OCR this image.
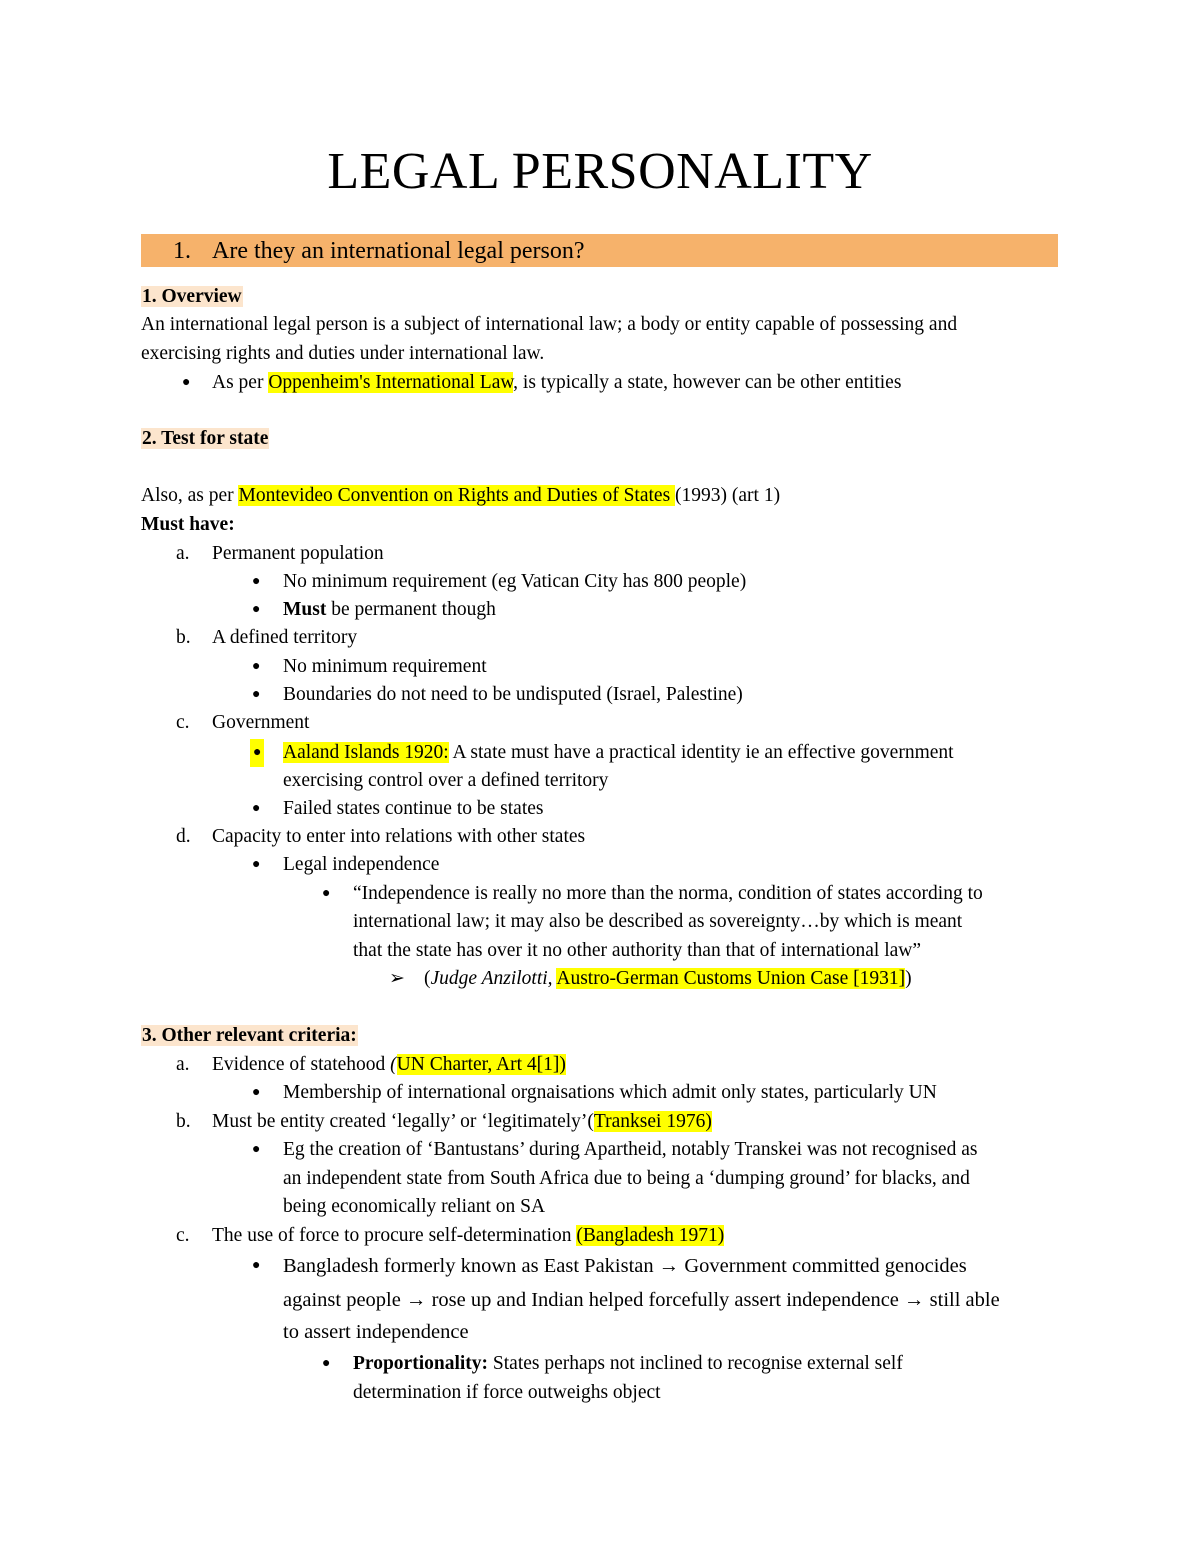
LEGAL PERSONALITY
1. Are they an international legal person?
1. Overview
An international legal person is a subject of international law; a body or entity capable of possessing and
exercising rights and duties under international law.
● As per Oppenheim's International Law, is typically a state, however can be other entities
2. Test for state
Also, as per Montevideo Convention on Rights and Duties of States (1993) (art 1)
Must have:
a. Permanent population
● No minimum requirement (eg Vatican City has 800 people)
● Must be permanent though
b. A defined territory
● No minimum requirement
● Boundaries do not need to be undisputed (Israel, Palestine)
c. Government
● Aaland Islands 1920: A state must have a practical identity ie an effective government
exercising control over a defined territory
● Failed states continue to be states
d. Capacity to enter into relations with other states
● Legal independence
● “Independence is really no more than the norma, condition of states according to
international law; it may also be described as sovereignty…by which is meant
that the state has over it no other authority than that of international law”
➢ (Judge Anzilotti, Austro-German Customs Union Case [1931])
3. Other relevant criteria:
a. Evidence of statehood (UN Charter, Art 4[1])
● Membership of international orgnaisations which admit only states, particularly UN
b. Must be entity created ‘legally’ or ‘legitimately’(Tranksei 1976)
● Eg the creation of ‘Bantustans’ during Apartheid, notably Transkei was not recognised as
an independent state from South Africa due to being a ‘dumping ground’ for blacks, and
being economically reliant on SA
c. The use of force to procure self-determination (Bangladesh 1971)
● Bangladesh formerly known as East Pakistan → Government committed genocides
against people → rose up and Indian helped forcefully assert independence → still able
to assert independence
● Proportionality: States perhaps not inclined to recognise external self
determination if force outweighs object
